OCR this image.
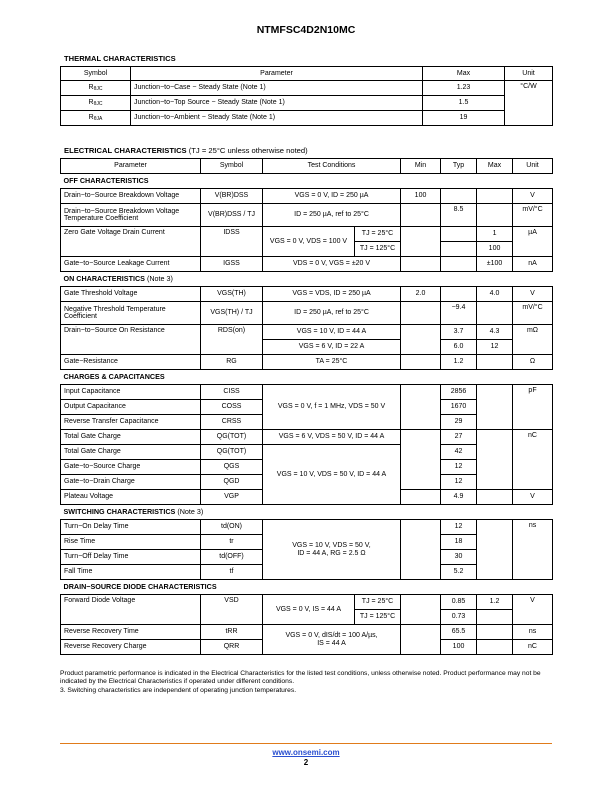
NTMFSC4D2N10MC
THERMAL CHARACTERISTICS
Symbol	Parameter	Max	Unit
$R_{\theta JC}$	Junction−to−Case − Steady State (Note 1)	1.23	°C/W
$R_{\theta JC}$	Junction−to−Top Source − Steady State (Note 1)	1.5	
$R_{\theta JA}$	Junction−to−Ambient − Steady State (Note 1)	19	
ELECTRICAL CHARACTERISTICS (TJ = 25°C unless otherwise noted)
Parameter	Symbol	Test Conditions		Min	Typ	Max	Unit
OFF CHARACTERISTICS							
Drain−to−Source Breakdown Voltage	V(BR)DSS	VGS = 0 V, ID = 250 µA		100			V

Drain−to−Source Breakdown Voltage
Temperature Coefficient	V(BR)DSS / TJ	ID = 250 µA, ref to 25°C			8.5		mV/°C
Zero Gate Voltage Drain Current	IDSS	VGS = 0 V, VDS = 100 V	TJ = 25°C			1	µA
			TJ = 125°C			100	
Gate−to−Source Leakage Current	IGSS	VDS = 0 V, VGS = ±20 V				±100	nA
ON CHARACTERISTICS (Note 3)							
Gate Threshold Voltage	VGS(TH)	VGS = VDS, ID = 250 µA		2.0		4.0	V

Negative Threshold Temperature
Coefficient	VGS(TH) / TJ	ID = 250 µA, ref to 25°C			−9.4		mV/°C
Drain−to−Source On Resistance	RDS(on)	VGS = 10 V, ID = 44 A			3.7	4.3	mΩ
		VGS = 6 V, ID = 22 A			6.0	12	
Gate−Resistance	RG	TA = 25°C			1.2		Ω
CHARGES & CAPACITANCES							
Input Capacitance	CISS	VGS = 0 V, f = 1 MHz, VDS = 50 V			2856		pF
Output Capacitance	COSS				1670		
Reverse Transfer Capacitance	CRSS				29		
Total Gate Charge	QG(TOT)	VGS = 6 V, VDS = 50 V, ID = 44 A			27		nC
Total Gate Charge	QG(TOT)	VGS = 10 V, VDS = 50 V, ID = 44 A			42		
Gate−to−Source Charge	QGS				12		
Gate−to−Drain Charge	QGD				12		
Plateau Voltage	VGP				4.9		V
SWITCHING CHARACTERISTICS (Note 3)							
Turn−On Delay Time	td(ON)	VGS = 10 V, VDS = 50 V,
ID = 44 A, RG = 2.5 Ω			12		ns
Rise Time	tr				18		
Turn−Off Delay Time	td(OFF)				30		
Fall Time	tf				5.2		
DRAIN−SOURCE DIODE CHARACTERISTICS							
Forward Diode Voltage	VSD	VGS = 0 V, IS = 44 A	TJ = 25°C		0.85	1.2	V
			TJ = 125°C		0.73		
Reverse Recovery Time	tRR	VGS = 0 V, dIS/dt = 100 A/µs,
IS = 44 A			65.5		ns
Reverse Recovery Charge	QRR				100		nC
Product parametric performance is indicated in the Electrical Characteristics for the listed test conditions, unless otherwise noted. Product performance may not be indicated by the Electrical Characteristics if operated under different conditions.
3. Switching characteristics are independent of operating junction temperatures.
www.onsemi.com
2
